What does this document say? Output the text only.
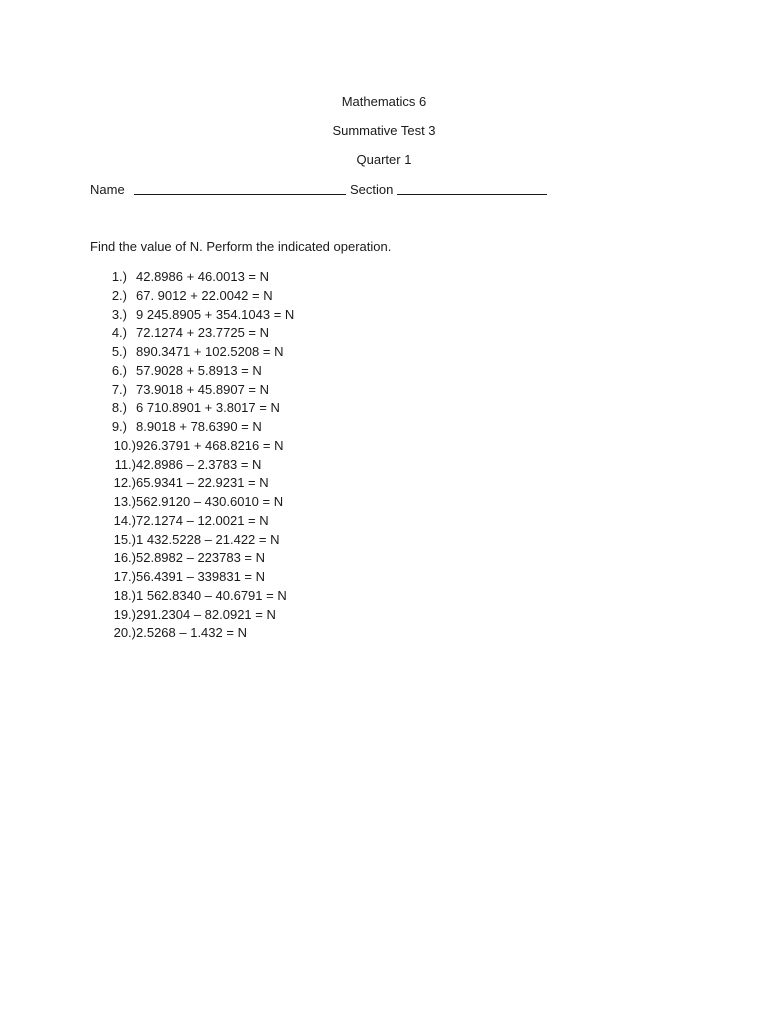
Mathematics 6
Summative Test 3
Quarter 1
Name	Section
Find the value of N. Perform the indicated operation.
1.) 42.8986 + 46.0013 = N
2.) 67. 9012 + 22.0042 = N
3.) 9 245.8905 + 354.1043 = N
4.) 72.1274 + 23.7725 = N
5.) 890.3471 + 102.5208 = N
6.) 57.9028 + 5.8913 = N
7.) 73.9018 + 45.8907 = N
8.) 6 710.8901 + 3.8017 = N
9.) 8.9018 + 78.6390 = N
10.) 926.3791 + 468.8216 = N
11.) 42.8986 – 2.3783 = N
12.) 65.9341 – 22.9231 = N
13.) 562.9120 – 430.6010 = N
14.) 72.1274 – 12.0021 = N
15.) 1 432.5228 – 21.422 = N
16.) 52.8982 – 223783 = N
17.) 56.4391 – 339831 = N
18.) 1 562.8340 – 40.6791 = N
19.) 291.2304 – 82.0921 = N
20.) 2.5268 – 1.432 = N
